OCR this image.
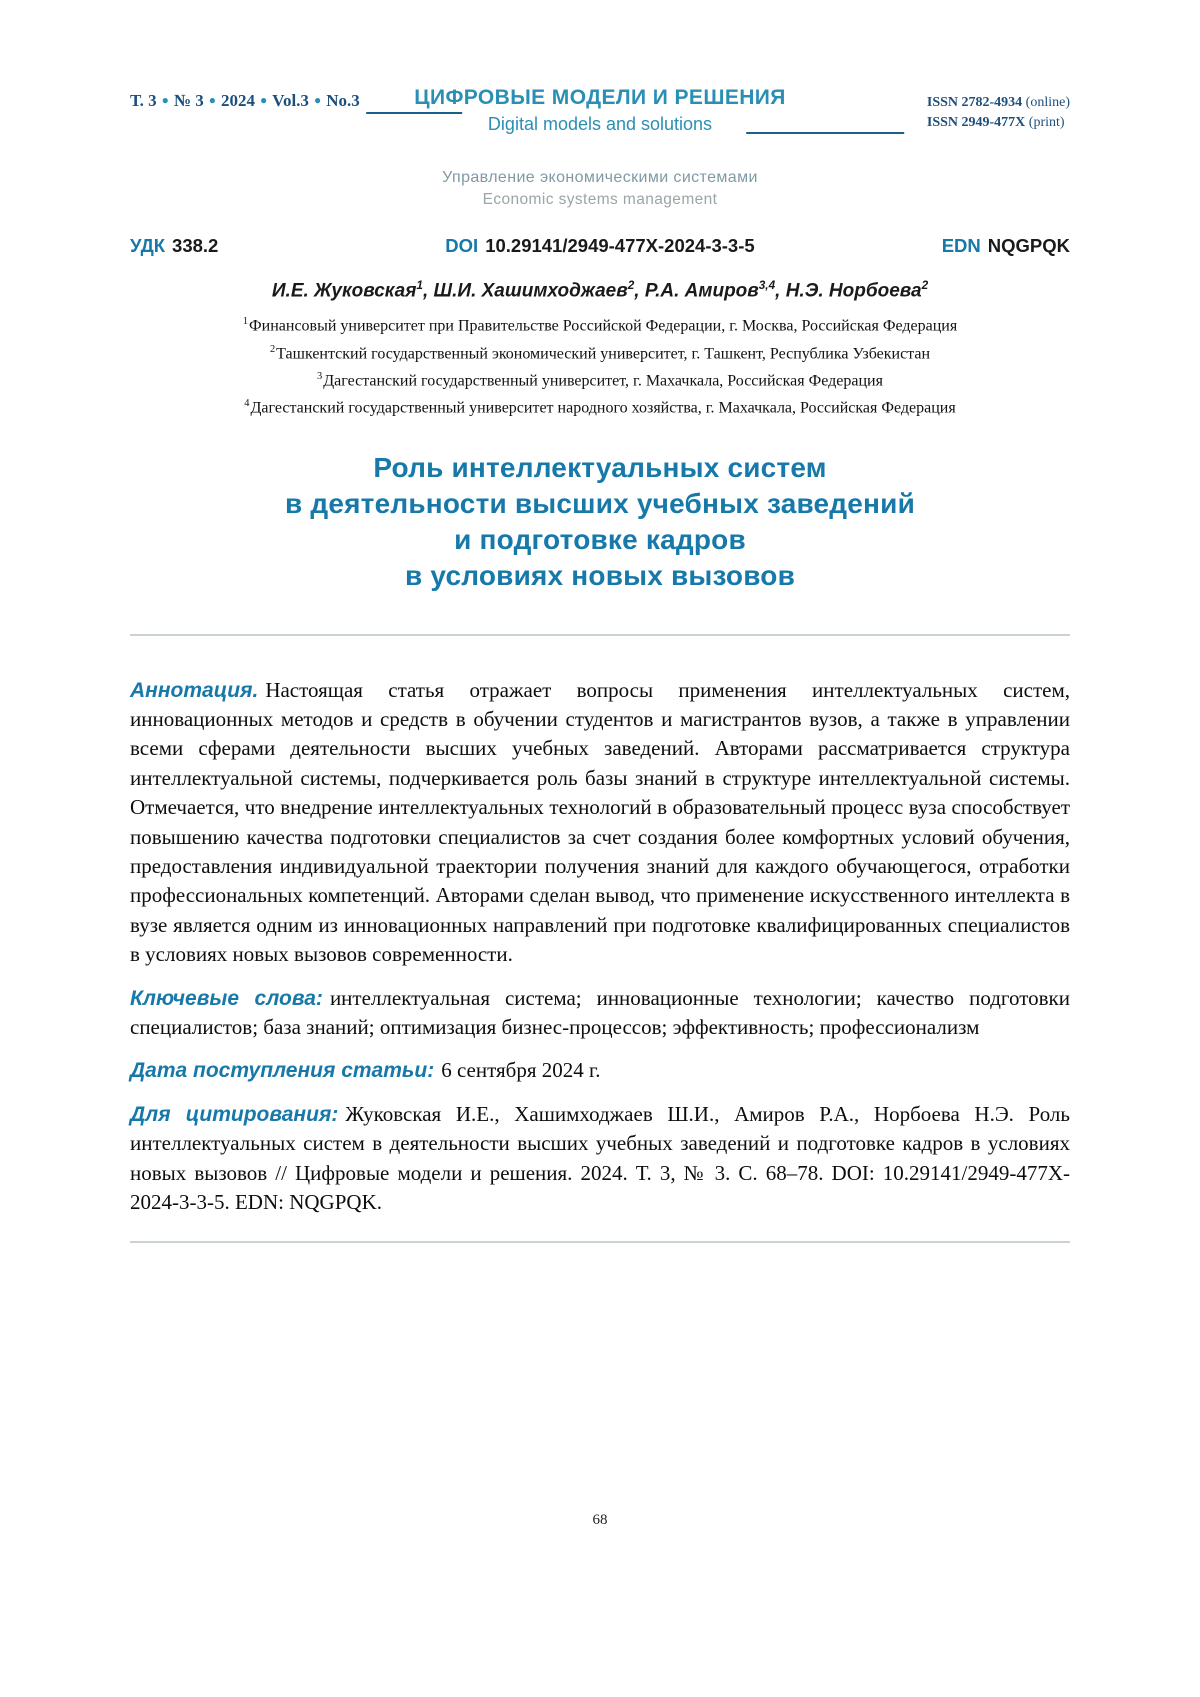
Т. 3 ● № 3 ● 2024 ● Vol.3 ● No.3	ЦИФРОВЫЕ МОДЕЛИ И РЕШЕНИЯ
Digital models and solutions
ISSN 2782-4934 (online)
ISSN 2949-477X (print)
Управление экономическими системами
Economic systems management
УДК 338.2	DOI 10.29141/2949-477X-2024-3-3-5	EDN NQGPQK
И.Е. Жуковская$^1$, Ш.И. Хашимходжаев$^2$, Р.А. Амиров$^{3,4}$, Н.Э. Норбоева$^2$
$^1$Финансовый университет при Правительстве Российской Федерации, г. Москва, Российская Федерация
$^2$Ташкентский государственный экономический университет, г. Ташкент, Республика Узбекистан
$^3$Дагестанский государственный университет, г. Махачкала, Российская Федерация
$^4$Дагестанский государственный университет народного хозяйства, г. Махачкала, Российская Федерация
Роль интеллектуальных систем
в деятельности высших учебных заведений
и подготовке кадров
в условиях новых вызовов

Аннотация. Настоящая статья отражает вопросы применения интеллектуальных систем, инновационных методов и средств в обучении студентов и магистрантов вузов, а также в управлении всеми сферами деятельности высших учебных заведений. Авторами рассматривается структура интеллектуальной системы, подчеркивается роль базы знаний в структуре интеллектуальной системы. Отмечается, что внедрение интеллектуальных технологий в образовательный процесс вуза способствует повышению качества подготовки специалистов за счет создания более комфортных условий обучения, предоставления индивидуальной траектории получения знаний для каждого обучающегося, отработки профессиональных компетенций. Авторами сделан вывод, что применение искусственного интеллекта в вузе является одним из инновационных направлений при подготовке квалифицированных специалистов в условиях новых вызовов современности.

Ключевые слова: интеллектуальная система; инновационные технологии; качество подготовки специалистов; база знаний; оптимизация бизнес-процессов; эффективность; профессионализм

Дата поступления статьи: 6 сентября 2024 г.

Для цитирования: Жуковская И.Е., Хашимходжаев Ш.И., Амиров Р.А., Норбоева Н.Э. Роль интеллектуальных систем в деятельности высших учебных заведений и подготовке кадров в условиях новых вызовов // Цифровые модели и решения. 2024. Т. 3, № 3. С. 68–78. DOI: 10.29141/2949-477X-2024-3-3-5. EDN: NQGPQK.

68
